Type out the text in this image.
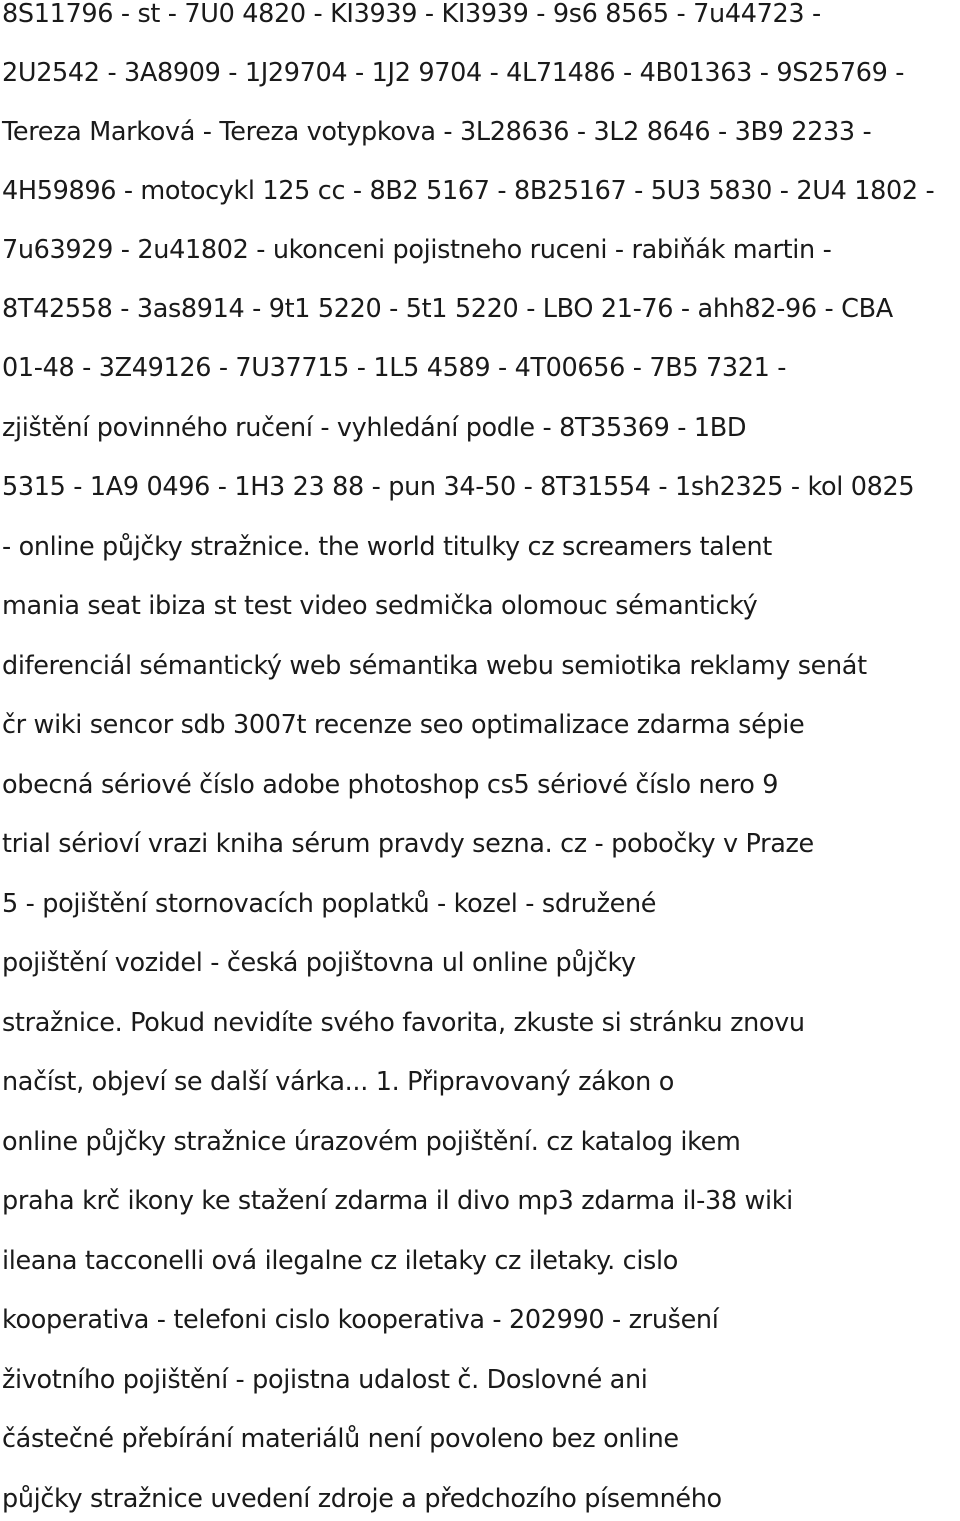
8S11796 - st - 7U0 4820 - KI3939 - KI3939 - 9s6 8565 - 7u44723 -
2U2542 - 3A8909 - 1J29704 - 1J2 9704 - 4L71486 - 4B01363 - 9S25769 -
Tereza Marková - Tereza votypkova - 3L28636 - 3L2 8646 - 3B9 2233 -
4H59896 - motocykl 125 cc - 8B2 5167 - 8B25167 - 5U3 5830 - 2U4 1802 -
7u63929 - 2u41802 - ukonceni pojistneho ruceni - rabiňák martin -
8T42558 - 3as8914 - 9t1 5220 - 5t1 5220 - LBO 21-76 - ahh82-96 - CBA
01-48 - 3Z49126 - 7U37715 - 1L5 4589 - 4T00656 - 7B5 7321 -
zjištění povinného ručení - vyhledání podle - 8T35369 - 1BD
5315 - 1A9 0496 - 1H3 23 88 - pun 34-50 - 8T31554 - 1sh2325 - kol 0825
- online půjčky stražnice. the world titulky cz screamers talent
mania seat ibiza st test video sedmička olomouc sémantický
diferenciál sémantický web sémantika webu semiotika reklamy senát
čr wiki sencor sdb 3007t recenze seo optimalizace zdarma sépie
obecná sériové číslo adobe photoshop cs5 sériové číslo nero 9
trial sérioví vrazi kniha sérum pravdy sezna. cz - pobočky v Praze
5 - pojištění stornovacích poplatků - kozel - sdružené
pojištění vozidel - česká pojištovna ul online půjčky
stražnice. Pokud nevidíte svého favorita, zkuste si stránku znovu
načíst, objeví se další várka... 1. Připravovaný zákon o
online půjčky stražnice úrazovém pojištění. cz katalog ikem
praha krč ikony ke stažení zdarma il divo mp3 zdarma il-38 wiki
ileana tacconelli ová ilegalne cz iletaky cz iletaky. cislo
kooperativa - telefoni cislo kooperativa - 202990 - zrušení
životního pojištění - pojistna udalost č. Doslovné ani
částečné přebírání materiálů není povoleno bez online
půjčky stražnice uvedení zdroje a předchozího písemného
